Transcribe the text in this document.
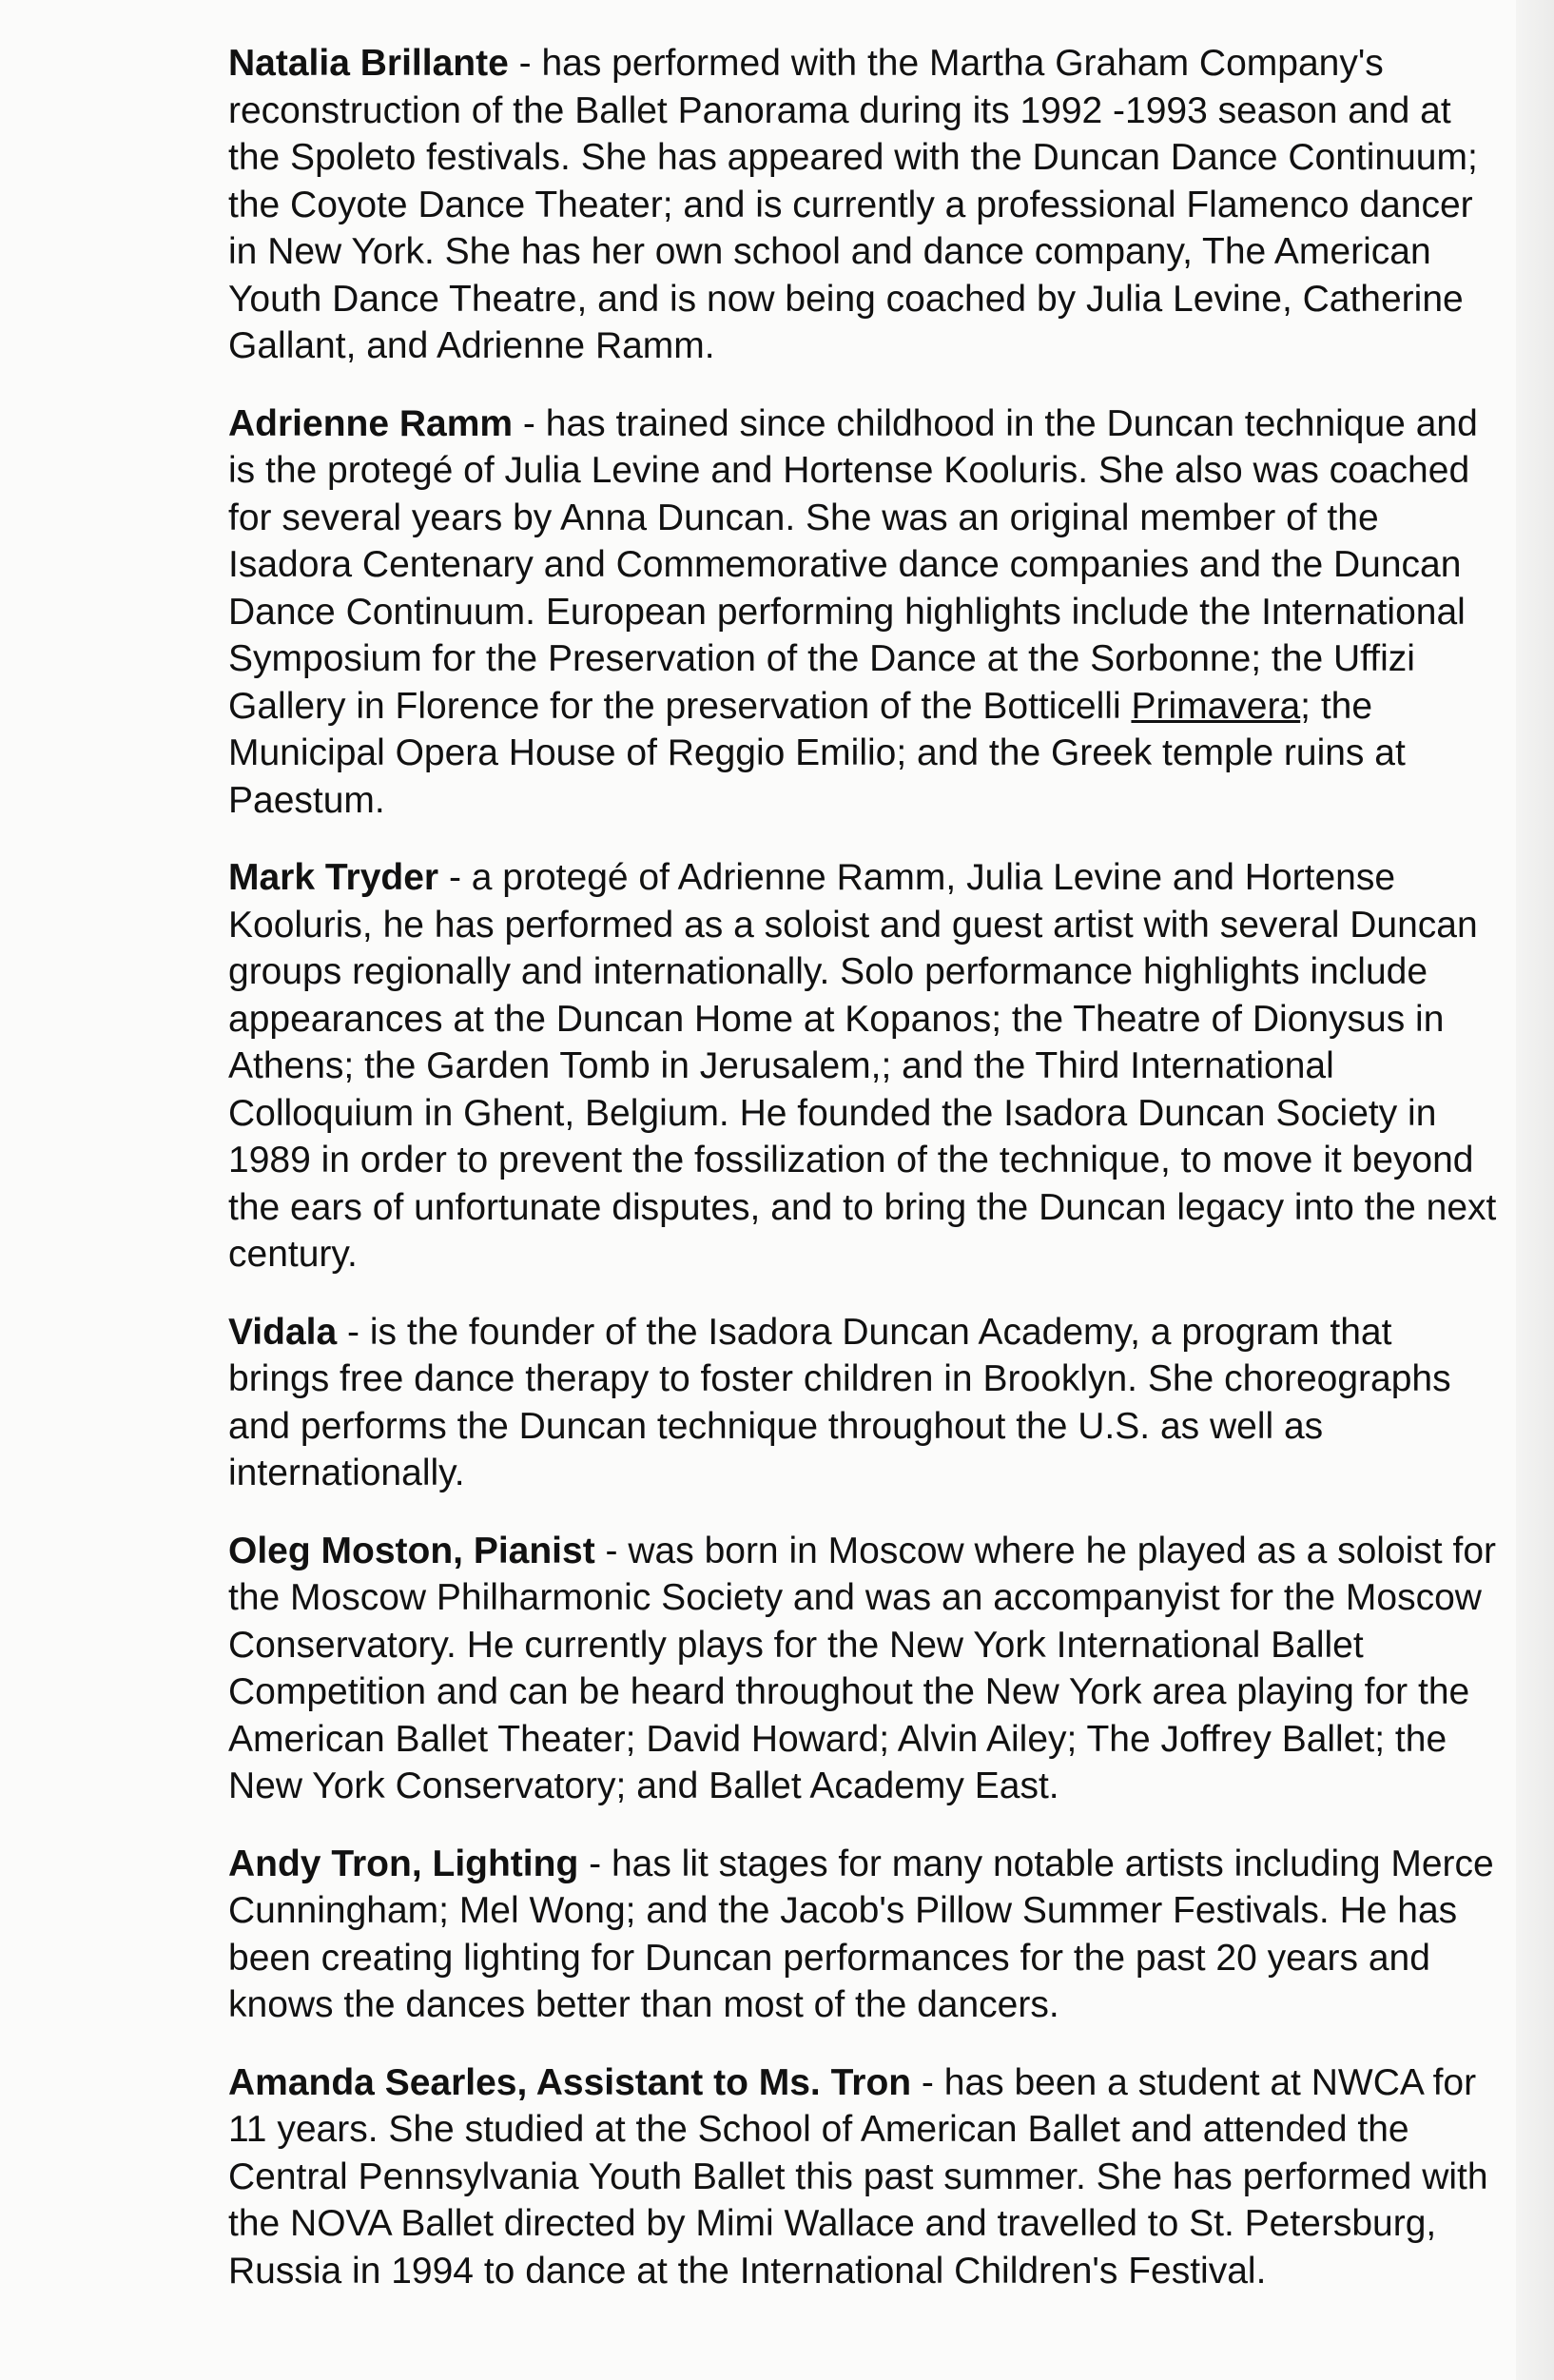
Natalia Brillante - has performed with the Martha Graham Company's reconstruction of the Ballet Panorama during its 1992 -1993 season and at the Spoleto festivals. She has appeared with the Duncan Dance Continuum; the Coyote Dance Theater; and is currently a professional Flamenco dancer in New York. She has her own school and dance company, The American Youth Dance Theatre, and is now being coached by Julia Levine, Catherine Gallant, and Adrienne Ramm.

Adrienne Ramm - has trained since childhood in the Duncan technique and is the protegé of Julia Levine and Hortense Kooluris. She also was coached for several years by Anna Duncan. She was an original member of the Isadora Centenary and Commemorative dance companies and the Duncan Dance Continuum. European performing highlights include the International Symposium for the Preservation of the Dance at the Sorbonne; the Uffizi Gallery in Florence for the preservation of the Botticelli Primavera; the Municipal Opera House of Reggio Emilio; and the Greek temple ruins at Paestum.

Mark Tryder - a protegé of Adrienne Ramm, Julia Levine and Hortense Kooluris, he has performed as a soloist and guest artist with several Duncan groups regionally and internationally. Solo performance highlights include appearances at the Duncan Home at Kopanos; the Theatre of Dionysus in Athens; the Garden Tomb in Jerusalem,; and the Third International Colloquium in Ghent, Belgium. He founded the Isadora Duncan Society in 1989 in order to prevent the fossilization of the technique, to move it beyond the ears of unfortunate disputes, and to bring the Duncan legacy into the next century.

Vidala - is the founder of the Isadora Duncan Academy, a program that brings free dance therapy to foster children in Brooklyn. She choreographs and performs the Duncan technique throughout the U.S. as well as internationally.

Oleg Moston, Pianist - was born in Moscow where he played as a soloist for the Moscow Philharmonic Society and was an accompanyist for the Moscow Conservatory. He currently plays for the New York International Ballet Competition and can be heard throughout the New York area playing for the American Ballet Theater; David Howard; Alvin Ailey; The Joffrey Ballet; the New York Conservatory; and Ballet Academy East.

Andy Tron, Lighting - has lit stages for many notable artists including Merce Cunningham; Mel Wong; and the Jacob's Pillow Summer Festivals. He has been creating lighting for Duncan performances for the past 20 years and knows the dances better than most of the dancers.

Amanda Searles, Assistant to Ms. Tron - has been a student at NWCA for 11 years. She studied at the School of American Ballet and attended the Central Pennsylvania Youth Ballet this past summer. She has performed with the NOVA Ballet directed by Mimi Wallace and travelled to St. Petersburg, Russia in 1994 to dance at the International Children's Festival.
